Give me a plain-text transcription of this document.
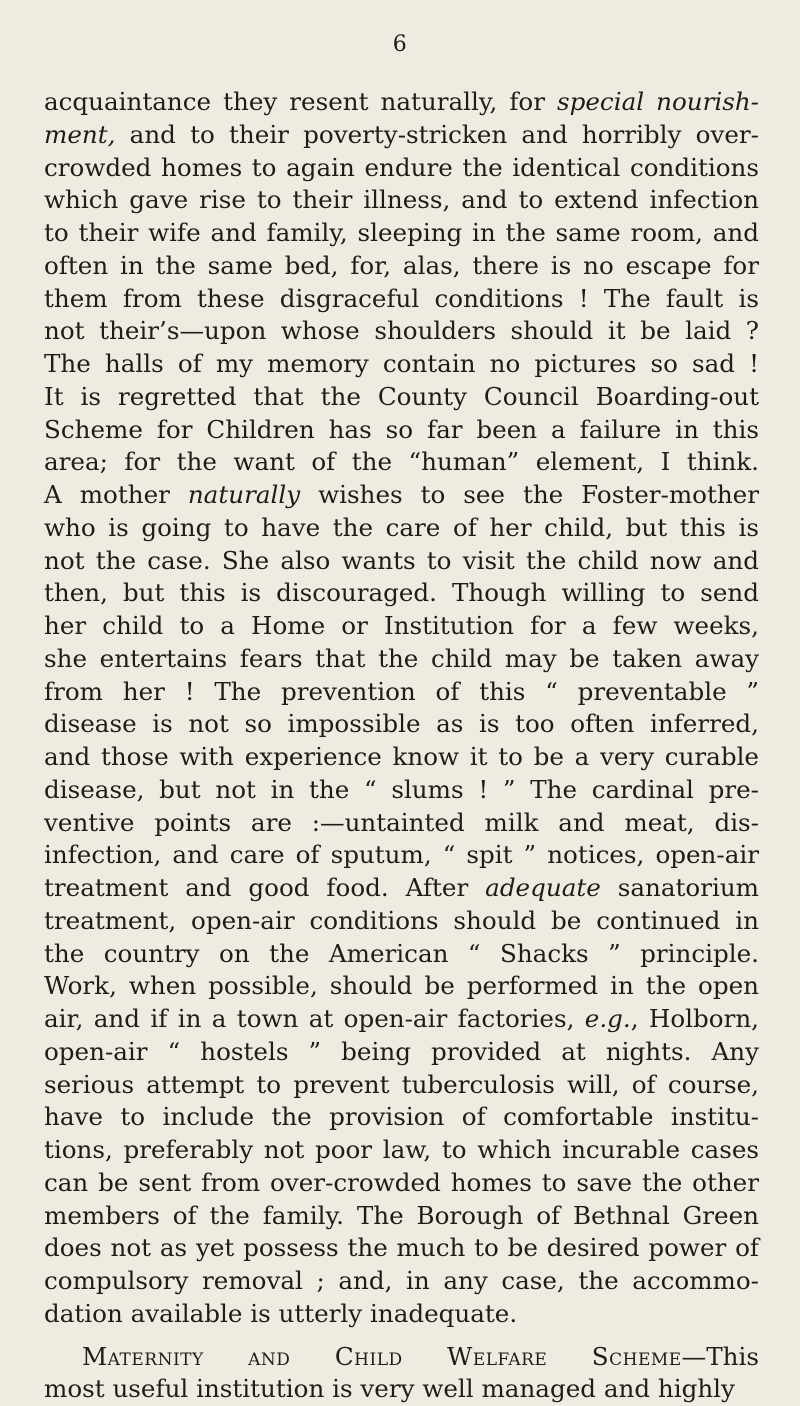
6
acquaintance they resent naturally, for special nourish-
ment, and to their poverty-stricken and horribly over-
crowded homes to again endure the identical conditions
which gave rise to their illness, and to extend infection
to their wife and family, sleeping in the same room, and
often in the same bed, for, alas, there is no escape for
them from these disgraceful conditions ! The fault is
not their’s—upon whose shoulders should it be laid ?
The halls of my memory contain no pictures so sad !
It is regretted that the County Council Boarding-out
Scheme for Children has so far been a failure in this
area; for the want of the “human” element, I think.
A mother naturally wishes to see the Foster-mother
who is going to have the care of her child, but this is
not the case. She also wants to visit the child now and
then, but this is discouraged. Though willing to send
her child to a Home or Institution for a few weeks,
she entertains fears that the child may be taken away
from her ! The prevention of this “ preventable ”
disease is not so impossible as is too often inferred,
and those with experience know it to be a very curable
disease, but not in the “ slums ! ” The cardinal pre-
ventive points are :—untainted milk and meat, dis-
infection, and care of sputum, “ spit ” notices, open-air
treatment and good food. After adequate sanatorium
treatment, open-air conditions should be continued in
the country on the American “ Shacks ” principle.
Work, when possible, should be performed in the open
air, and if in a town at open-air factories, e.g., Holborn,
open-air “ hostels ” being provided at nights. Any
serious attempt to prevent tuberculosis will, of course,
have to include the provision of comfortable institu-
tions, preferably not poor law, to which incurable cases
can be sent from over-crowded homes to save the other
members of the family. The Borough of Bethnal Green
does not as yet possess the much to be desired power of
compulsory removal ; and, in any case, the accommo-
dation available is utterly inadequate.
Maternity and Child Welfare Scheme—This
most useful institution is very well managed and highly
